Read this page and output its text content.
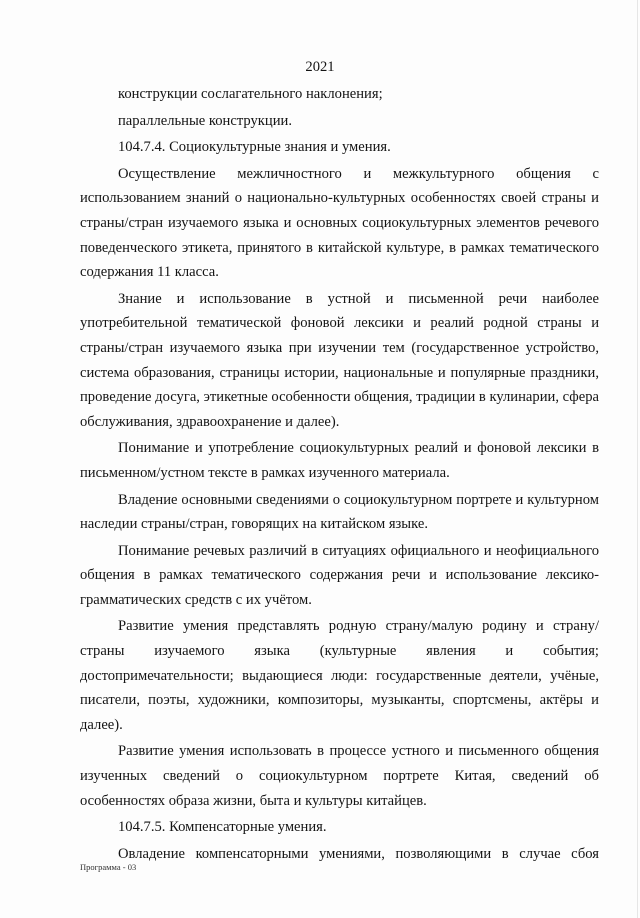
2021

конструкции сослагательного наклонения;

параллельные конструкции.

104.7.4. Социокультурные знания и умения.

Осуществление межличностного и межкультурного общения с использованием знаний о национально-культурных особенностях своей страны и страны/стран изучаемого языка и основных социокультурных элементов речевого поведенческого этикета, принятого в китайской культуре, в рамках тематического содержания 11 класса.

Знание и использование в устной и письменной речи наиболее употребительной тематической фоновой лексики и реалий родной страны и страны/стран изучаемого языка при изучении тем (государственное устройство, система образования, страницы истории, национальные и популярные праздники, проведение досуга, этикетные особенности общения, традиции в кулинарии, сфера обслуживания, здравоохранение и далее).

Понимание и употребление социокультурных реалий и фоновой лексики в письменном/устном тексте в рамках изученного материала.

Владение основными сведениями о социокультурном портрете и культурном наследии страны/стран, говорящих на китайском языке.

Понимание речевых различий в ситуациях официального и неофициального общения в рамках тематического содержания речи и использование лексико-грамматических средств с их учётом.

Развитие умения представлять родную страну/малую родину и страну/страны изучаемого языка (культурные явления и события; достопримечательности; выдающиеся люди: государственные деятели, учёные, писатели, поэты, художники, композиторы, музыканты, спортсмены, актёры и далее).

Развитие умения использовать в процессе устного и письменного общения изученных сведений о социокультурном портрете Китая, сведений об особенностях образа жизни, быта и культуры китайцев.

104.7.5. Компенсаторные умения.

Овладение компенсаторными умениями, позволяющими в случае сбоя

Программа - 03
